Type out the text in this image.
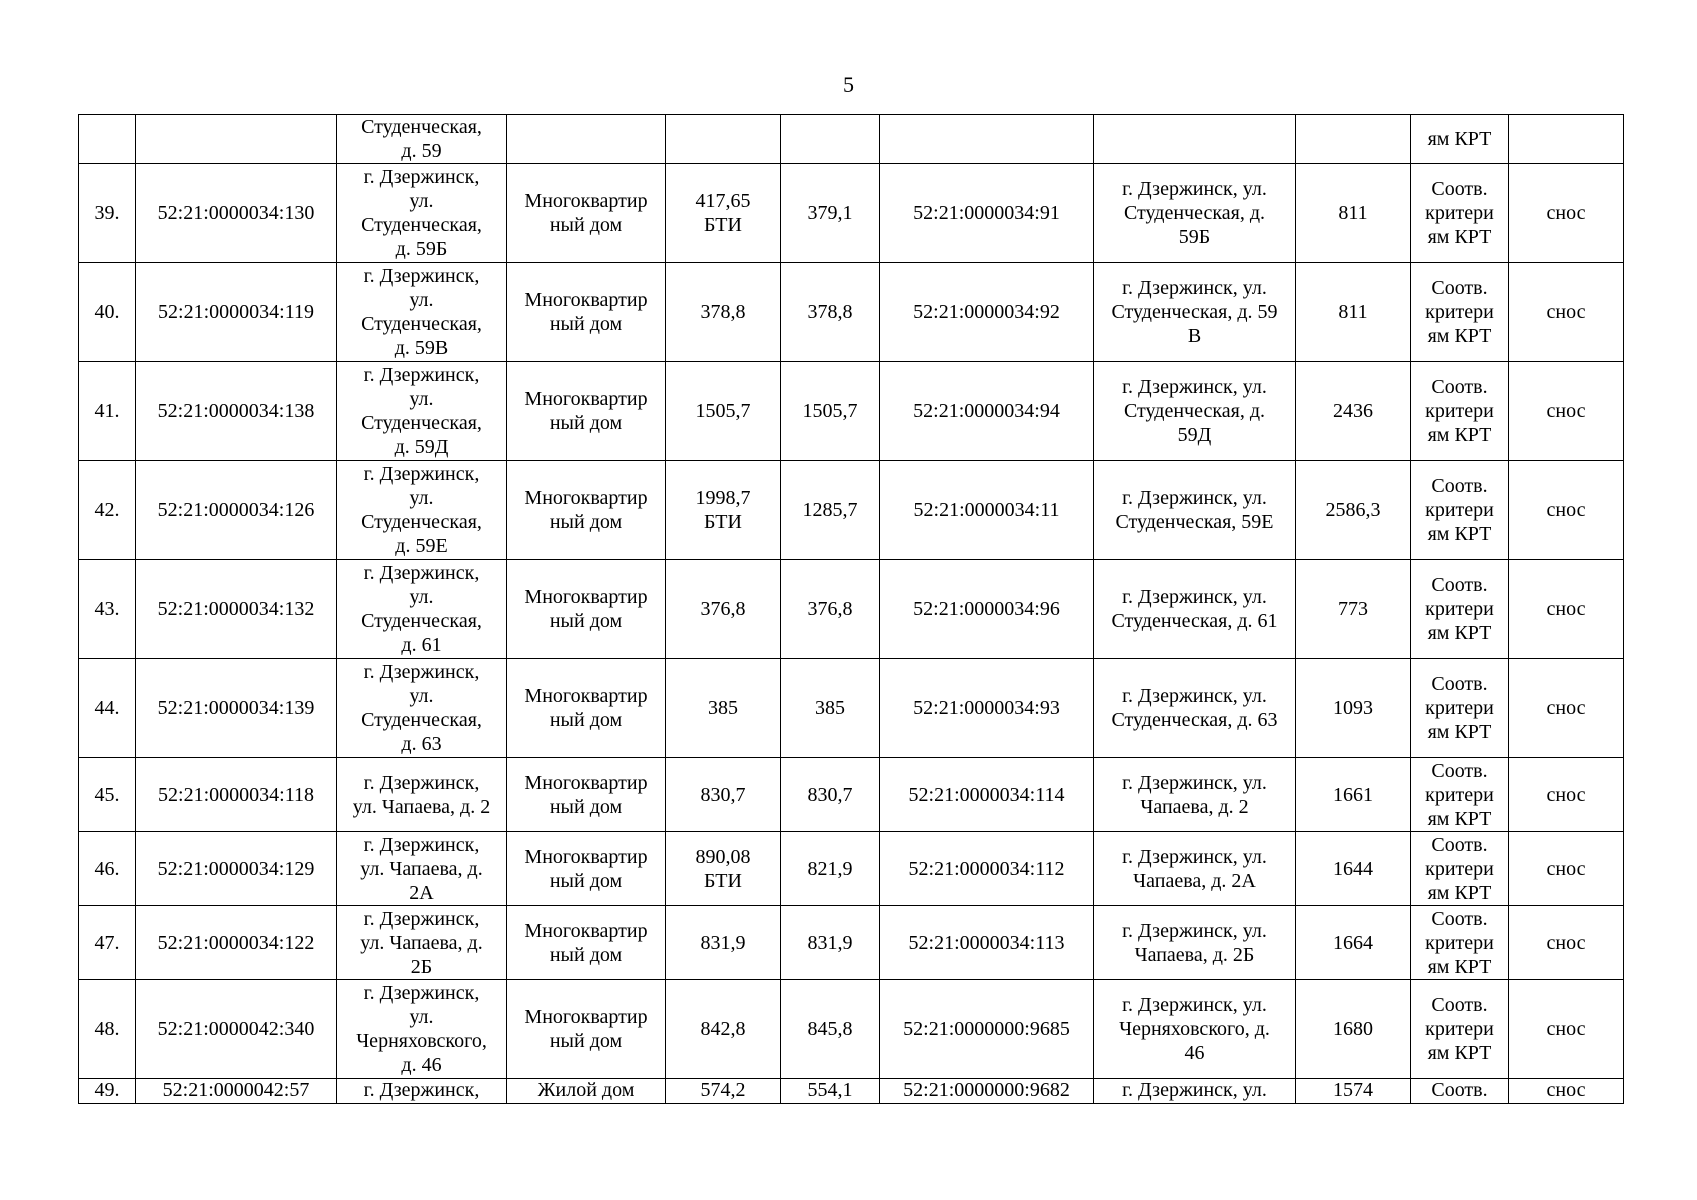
5

		Студенческая,
д. 59							ям КРТ	

39.	52:21:0000034:130	г. Дзержинск,
ул.
Студенческая,
д. 59Б	Многоквартир
ный дом	417,65
БТИ	379,1	52:21:0000034:91	г. Дзержинск, ул.
Студенческая, д.
59Б	811	Соотв.
критери
ям КРТ	снос
40.	52:21:0000034:119	г. Дзержинск,
ул.
Студенческая,
д. 59В	Многоквартир
ный дом	378,8	378,8	52:21:0000034:92	г. Дзержинск, ул.
Студенческая, д. 59
В	811	Соотв.
критери
ям КРТ	снос
41.	52:21:0000034:138	г. Дзержинск,
ул.
Студенческая,
д. 59Д	Многоквартир
ный дом	1505,7	1505,7	52:21:0000034:94	г. Дзержинск, ул.
Студенческая, д.
59Д	2436	Соотв.
критери
ям КРТ	снос
42.	52:21:0000034:126	г. Дзержинск,
ул.
Студенческая,
д. 59Е	Многоквартир
ный дом	1998,7
БТИ	1285,7	52:21:0000034:11	г. Дзержинск, ул.
Студенческая, 59Е	2586,3	Соотв.
критери
ям КРТ	снос
43.	52:21:0000034:132	г. Дзержинск,
ул.
Студенческая,
д. 61	Многоквартир
ный дом	376,8	376,8	52:21:0000034:96	г. Дзержинск, ул.
Студенческая, д. 61	773	Соотв.
критери
ям КРТ	снос
44.	52:21:0000034:139	г. Дзержинск,
ул.
Студенческая,
д. 63	Многоквартир
ный дом	385	385	52:21:0000034:93	г. Дзержинск, ул.
Студенческая, д. 63	1093	Соотв.
критери
ям КРТ	снос
45.	52:21:0000034:118	г. Дзержинск,
ул. Чапаева, д. 2	Многоквартир
ный дом	830,7	830,7	52:21:0000034:114	г. Дзержинск, ул.
Чапаева, д. 2	1661	Соотв.
критери
ям КРТ	снос
46.	52:21:0000034:129	г. Дзержинск,
ул. Чапаева, д.
2А	Многоквартир
ный дом	890,08
БТИ	821,9	52:21:0000034:112	г. Дзержинск, ул.
Чапаева, д. 2А	1644	Соотв.
критери
ям КРТ	снос
47.	52:21:0000034:122	г. Дзержинск,
ул. Чапаева, д.
2Б	Многоквартир
ный дом	831,9	831,9	52:21:0000034:113	г. Дзержинск, ул.
Чапаева, д. 2Б	1664	Соотв.
критери
ям КРТ	снос
48.	52:21:0000042:340	г. Дзержинск,
ул.
Черняховского,
д. 46	Многоквартир
ный дом	842,8	845,8	52:21:0000000:9685	г. Дзержинск, ул.
Черняховского, д.
46	1680	Соотв.
критери
ям КРТ	снос
49.	52:21:0000042:57	г. Дзержинск,	Жилой дом	574,2	554,1	52:21:0000000:9682	г. Дзержинск, ул.	1574	Соотв.	снос
